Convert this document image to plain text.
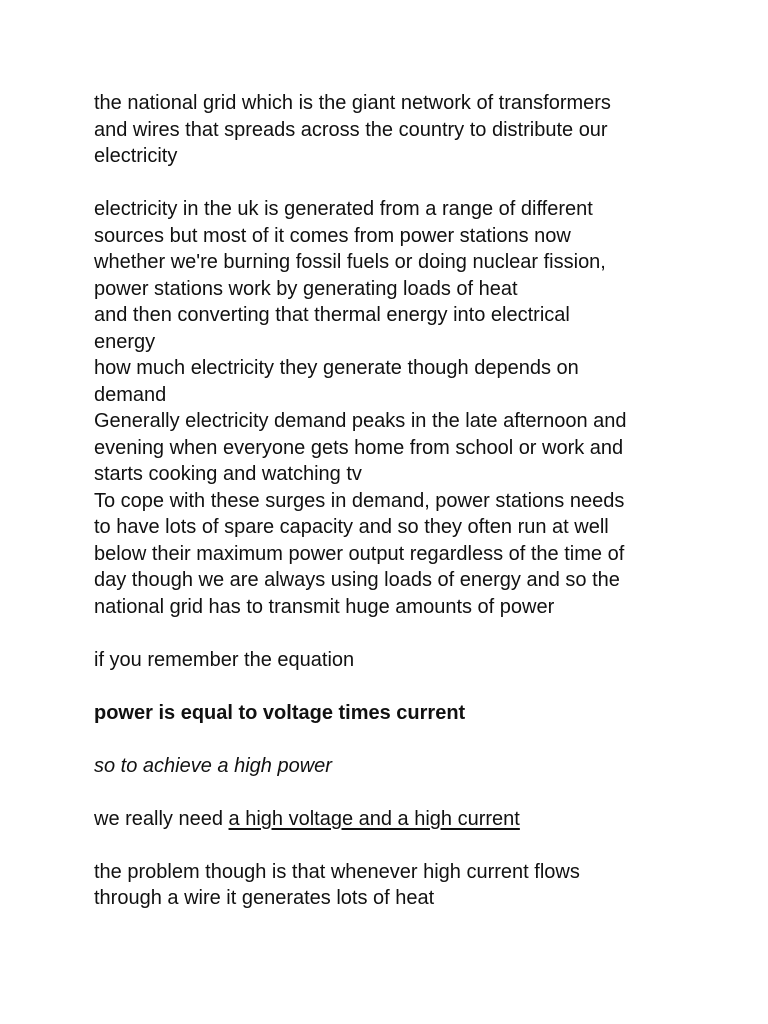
the national grid which is the giant network of transformers
and wires that spreads across the country to distribute our
electricity

electricity in the uk is generated from a range of different
sources but most of it comes from power stations now
whether we're burning fossil fuels or doing nuclear fission,
power stations work by generating loads of heat
and then converting that thermal energy into electrical
energy
how much electricity they generate though depends on
demand
Generally electricity demand peaks in the late afternoon and
evening when everyone gets home from school or work and
starts cooking and watching tv
To cope with these surges in demand, power stations needs
to have lots of spare capacity and so they often run at well
below their maximum power output regardless of the time of
day though we are always using loads of energy and so the
national grid has to transmit huge amounts of power

if you remember the equation

power is equal to voltage times current

so to achieve a high power

we really need a high voltage and a high current

the problem though is that whenever high current flows
through a wire it generates lots of heat
